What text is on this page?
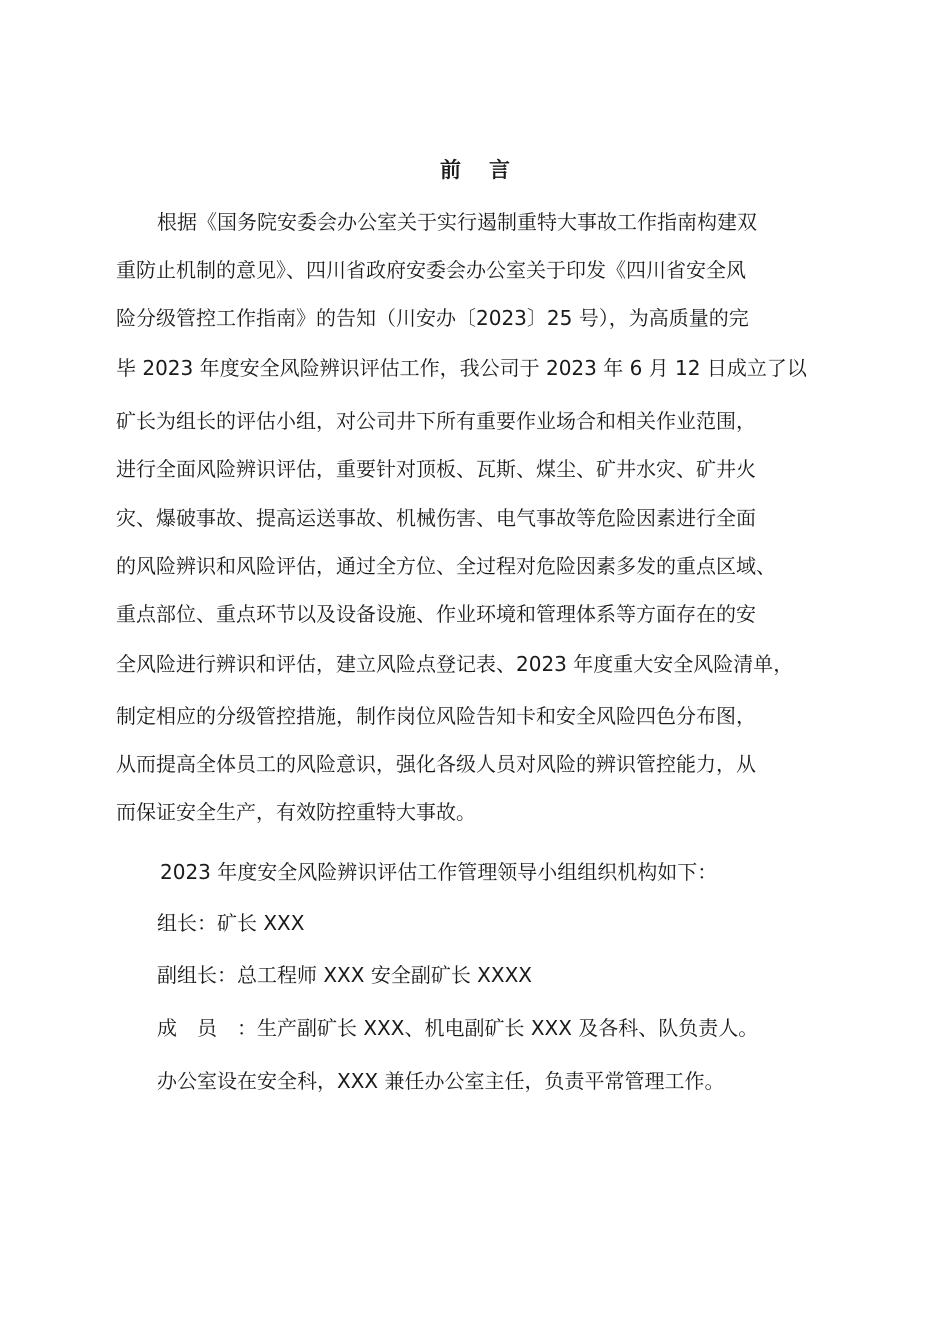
前言
根据《国务院安委会办公室关于实行遏制重特大事故工作指南构建双
重防止机制的意见》、四川省政府安委会办公室关于印发《四川省安全风
险分级管控工作指南》的告知（川安办〔2023〕25 号），为高质量的完
毕 2023 年度安全风险辨识评估工作，我公司于 2023 年 6 月 12 日成立了以
矿长为组长的评估小组，对公司井下所有重要作业场合和相关作业范围，
进行全面风险辨识评估，重要针对顶板、瓦斯、煤尘、矿井水灾、矿井火
灾、爆破事故、提高运送事故、机械伤害、电气事故等危险因素进行全面
的风险辨识和风险评估，通过全方位、全过程对危险因素多发的重点区域、
重点部位、重点环节以及设备设施、作业环境和管理体系等方面存在的安
全风险进行辨识和评估，建立风险点登记表、2023 年度重大安全风险清单，
制定相应的分级管控措施，制作岗位风险告知卡和安全风险四色分布图，
从而提高全体员工的风险意识，强化各级人员对风险的辨识管控能力，从
而保证安全生产，有效防控重特大事故。
2023 年度安全风险辨识评估工作管理领导小组组织机构如下：
组长：矿长 XXX
副组长：总工程师 XXX 安全副矿长 XXXX
成员：生产副矿长 XXX、机电副矿长 XXX 及各科、队负责人。
办公室设在安全科，XXX 兼任办公室主任，负责平常管理工作。
